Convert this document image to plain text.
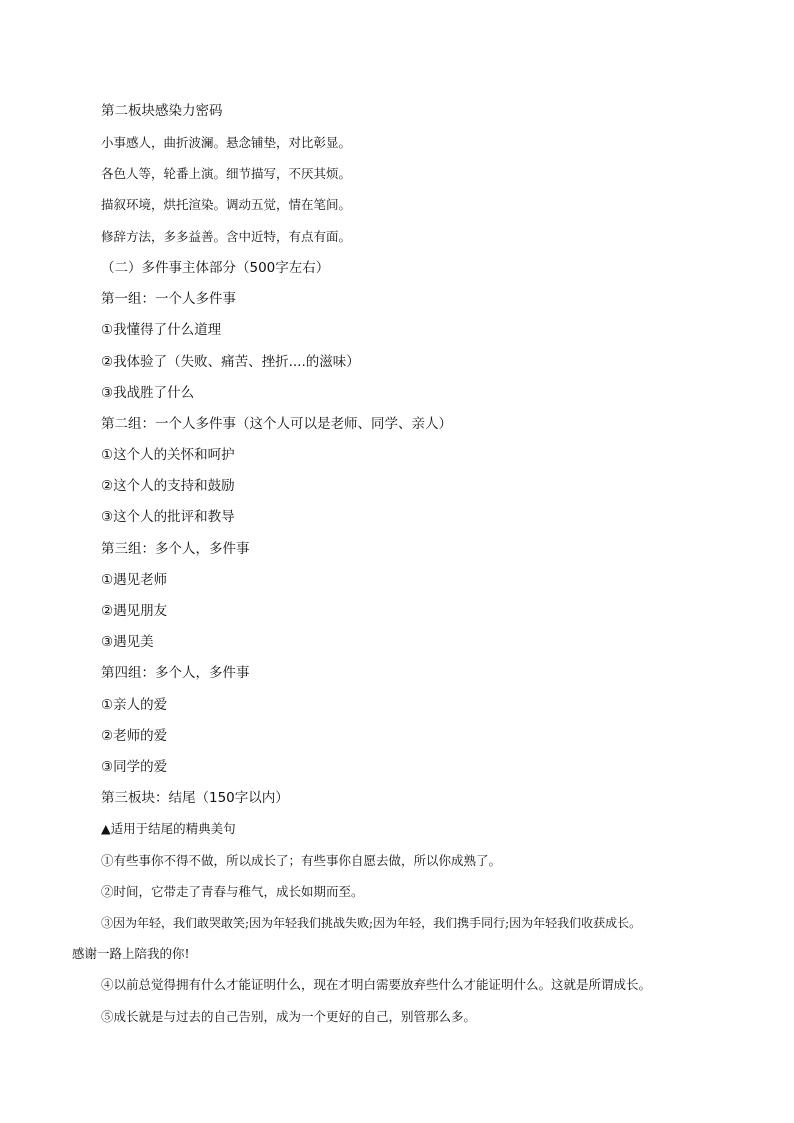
第二板块感染力密码
小事感人，曲折波澜。悬念铺垫，对比彰显。
各色人等，轮番上演。细节描写，不厌其烦。
描叙环境，烘托渲染。调动五觉，情在笔间。
修辞方法，多多益善。含中近特，有点有面。
（二）多件事主体部分（500字左右）
第一组：一个人多件事
①我懂得了什么道理
②我体验了（失败、痛苦、挫折....的滋味）
③我战胜了什么
第二组：一个人多件事（这个人可以是老师、同学、亲人）
①这个人的关怀和呵护
②这个人的支持和鼓励
③这个人的批评和教导
第三组：多个人，多件事
①遇见老师
②遇见朋友
③遇见美
第四组：多个人，多件事
①亲人的爱
②老师的爱
③同学的爱
第三板块：结尾（150字以内）
▲适用于结尾的精典美句
①有些事你不得不做，所以成长了；有些事你自愿去做，所以你成熟了。
②时间，它带走了青春与稚气，成长如期而至。
③因为年轻，我们敢哭敢笑;因为年轻我们挑战失败;因为年轻，我们携手同行;因为年轻我们收获成长。
感谢一路上陪我的你!
④以前总觉得拥有什么才能证明什么，现在才明白需要放弃些什么才能证明什么。这就是所谓成长。
⑤成长就是与过去的自己告别，成为一个更好的自己，别管那么多。
